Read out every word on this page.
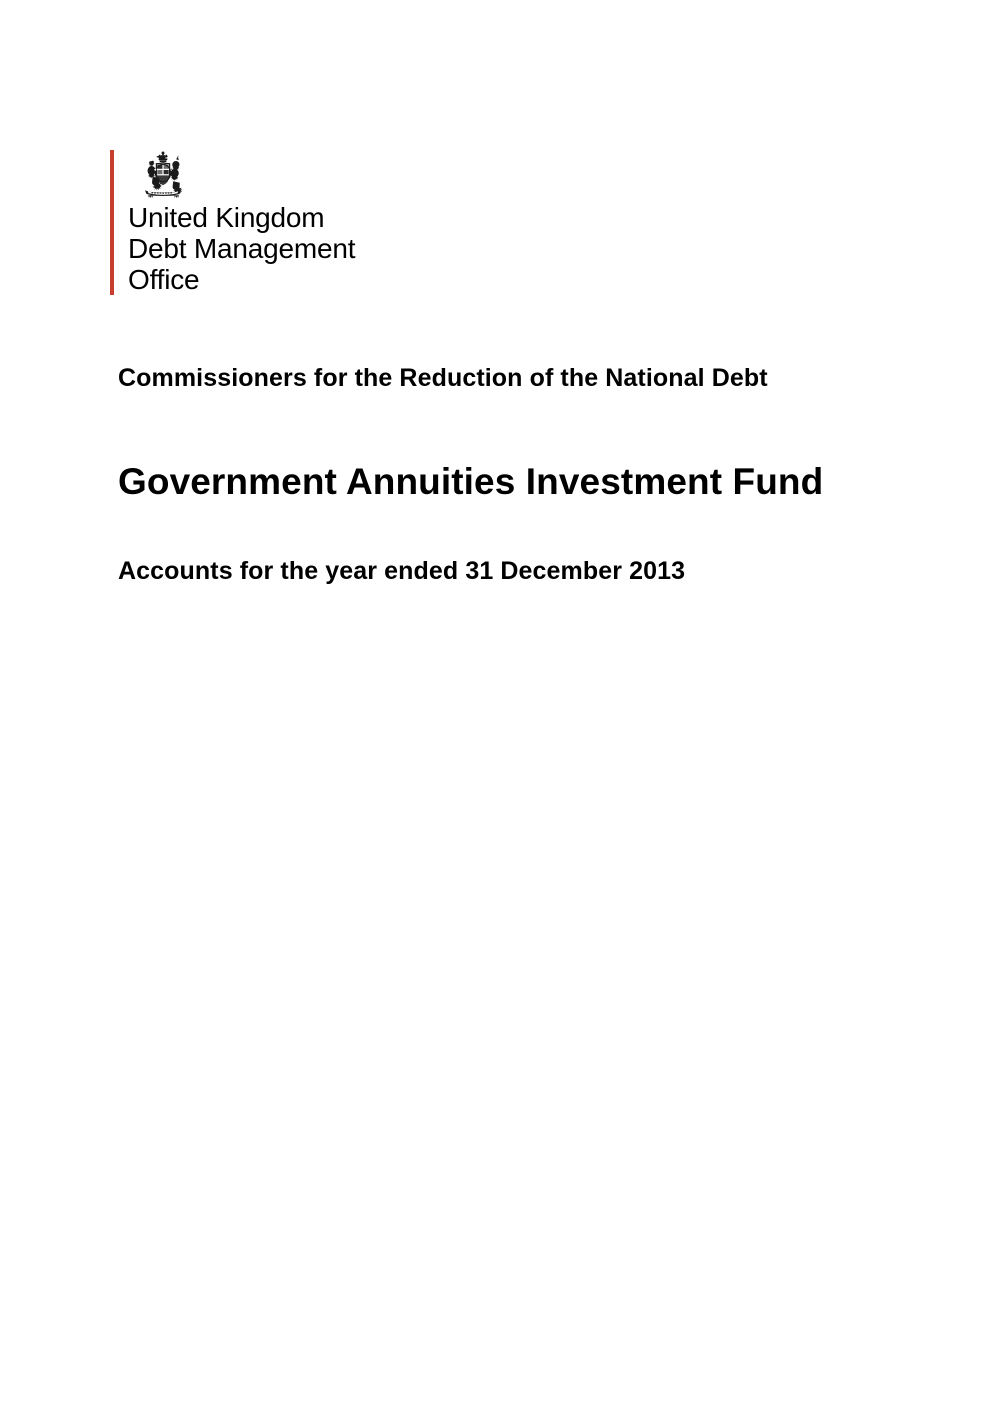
United Kingdom
Debt Management
Office
Commissioners for the Reduction of the National Debt
Government Annuities Investment Fund
Accounts for the year ended 31 December 2013
